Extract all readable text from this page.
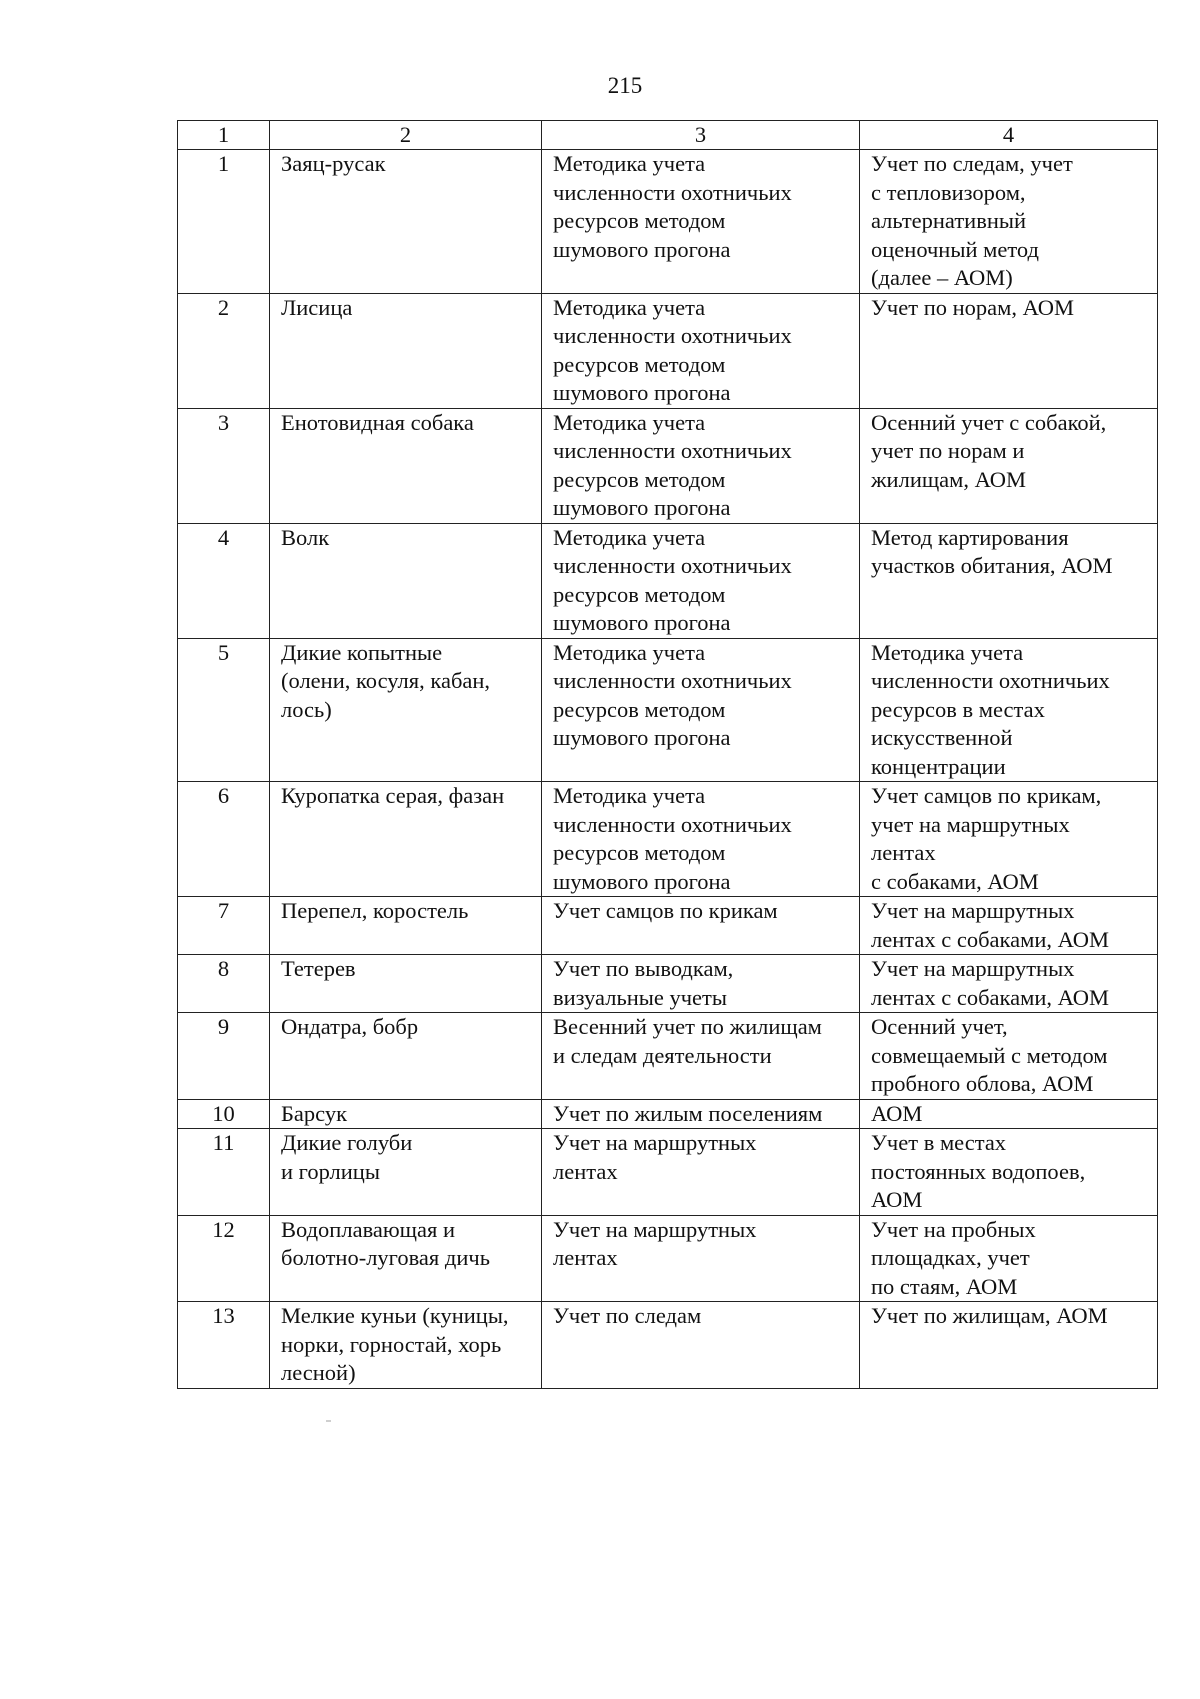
215
1	2	3	4
1	Заяц-русак	Методика учета
численности охотничьих
ресурсов методом
шумового прогона	Учет по следам, учет
с тепловизором,
альтернативный
оценочный метод
(далее – АОМ)
2	Лисица	Методика учета
численности охотничьих
ресурсов методом
шумового прогона	Учет по норам, АОМ
3	Енотовидная собака	Методика учета
численности охотничьих
ресурсов методом
шумового прогона	Осенний учет с собакой,
учет по норам и
жилищам, АОМ
4	Волк	Методика учета
численности охотничьих
ресурсов методом
шумового прогона	Метод картирования
участков обитания, АОМ
5	Дикие копытные
(олени, косуля, кабан,
лось)	Методика учета
численности охотничьих
ресурсов методом
шумового прогона	Методика учета
численности охотничьих
ресурсов в местах
искусственной
концентрации
6	Куропатка серая, фазан	Методика учета
численности охотничьих
ресурсов методом
шумового прогона	Учет самцов по крикам,
учет на маршрутных
лентах
с собаками, АОМ
7	Перепел, коростель	Учет самцов по крикам	Учет на маршрутных
лентах с собаками, АОМ
8	Тетерев	Учет по выводкам,
визуальные учеты	Учет на маршрутных
лентах с собаками, АОМ
9	Ондатра, бобр	Весенний учет по жилищам
и следам деятельности	Осенний учет,
совмещаемый с методом
пробного облова, АОМ
10	Барсук	Учет по жилым поселениям	АОМ
11	Дикие голуби
и горлицы	Учет на маршрутных
лентах	Учет в местах
постоянных водопоев,
АОМ
12	Водоплавающая и
болотно-луговая дичь	Учет на маршрутных
лентах	Учет на пробных
площадках, учет
по стаям, АОМ
13	Мелкие куньи (куницы,
норки, горностай, хорь
лесной)	Учет по следам	Учет по жилищам, АОМ
